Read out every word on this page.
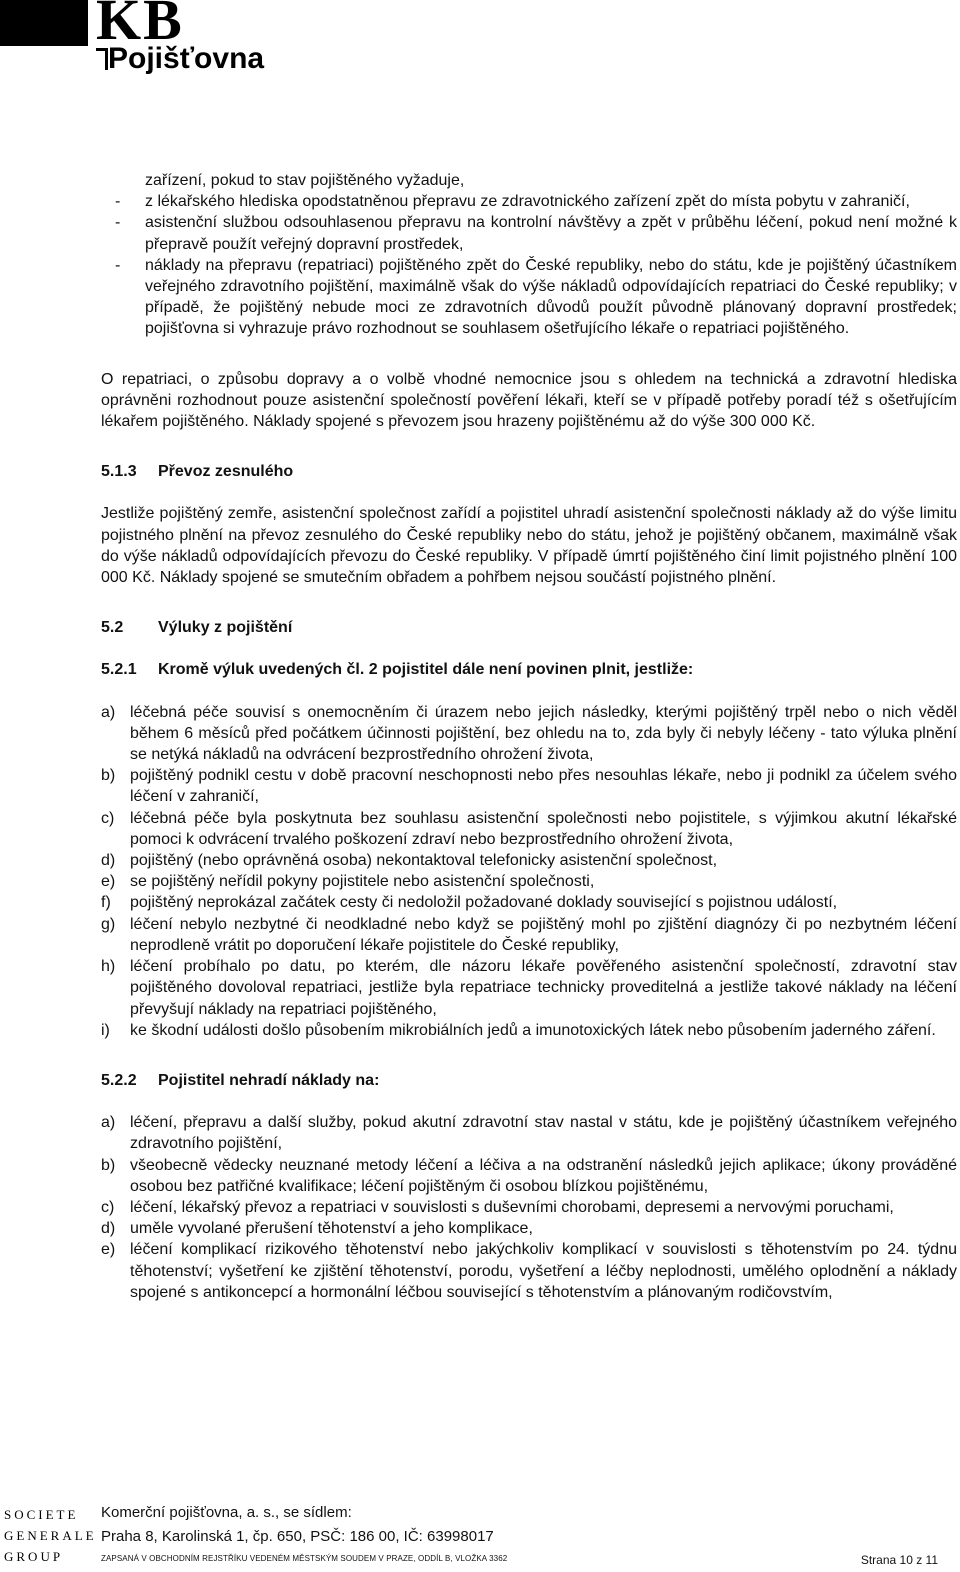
KB
Pojišťovna
zařízení, pokud to stav pojištěného vyžaduje,
- z lékařského hlediska opodstatněnou přepravu ze zdravotnického zařízení zpět do místa pobytu v zahraničí,
- asistenční službou odsouhlasenou přepravu na kontrolní návštěvy a zpět v průběhu léčení, pokud není možné k přepravě použít veřejný dopravní prostředek,
- náklady na přepravu (repatriaci) pojištěného zpět do České republiky, nebo do státu, kde je pojištěný účastníkem veřejného zdravotního pojištění, maximálně však do výše nákladů odpovídajících repatriaci do České republiky; v případě, že pojištěný nebude moci ze zdravotních důvodů použít původně plánovaný dopravní prostředek; pojišťovna si vyhrazuje právo rozhodnout se souhlasem ošetřujícího lékaře o repatriaci pojištěného.

O repatriaci, o způsobu dopravy a o volbě vhodné nemocnice jsou s ohledem na technická a zdravotní hlediska oprávněni rozhodnout pouze asistenční společností pověření lékaři, kteří se v případě potřeby poradí též s ošetřujícím lékařem pojištěného. Náklady spojené s převozem jsou hrazeny pojištěnému až do výše 300 000 Kč.

5.1.3 Převoz zesnulého

Jestliže pojištěný zemře, asistenční společnost zařídí a pojistitel uhradí asistenční společnosti náklady až do výše limitu pojistného plnění na převoz zesnulého do České republiky nebo do státu, jehož je pojištěný občanem, maximálně však do výše nákladů odpovídajících převozu do České republiky. V případě úmrtí pojištěného činí limit pojistného plnění 100 000 Kč. Náklady spojené se smutečním obřadem a pohřbem nejsou součástí pojistného plnění.

5.2 Výluky z pojištění
5.2.1 Kromě výluk uvedených čl. 2 pojistitel dále není povinen plnit, jestliže:
a) léčebná péče souvisí s onemocněním či úrazem nebo jejich následky, kterými pojištěný trpěl nebo o nich věděl během 6 měsíců před počátkem účinnosti pojištění, bez ohledu na to, zda byly či nebyly léčeny - tato výluka plnění se netýká nákladů na odvrácení bezprostředního ohrožení života,
b) pojištěný podnikl cestu v době pracovní neschopnosti nebo přes nesouhlas lékaře, nebo ji podnikl za účelem svého léčení v zahraničí,
c) léčebná péče byla poskytnuta bez souhlasu asistenční společnosti nebo pojistitele, s výjimkou akutní lékařské pomoci k odvrácení trvalého poškození zdraví nebo bezprostředního ohrožení života,
d) pojištěný (nebo oprávněná osoba) nekontaktoval telefonicky asistenční společnost,
e) se pojištěný neřídil pokyny pojistitele nebo asistenční společnosti,
f) pojištěný neprokázal začátek cesty či nedoložil požadované doklady související s pojistnou událostí,
g) léčení nebylo nezbytné či neodkladné nebo když se pojištěný mohl po zjištění diagnózy či po nezbytném léčení neprodleně vrátit po doporučení lékaře pojistitele do České republiky,
h) léčení probíhalo po datu, po kterém, dle názoru lékaře pověřeného asistenční společností, zdravotní stav pojištěného dovoloval repatriaci, jestliže byla repatriace technicky proveditelná a jestliže takové náklady na léčení převyšují náklady na repatriaci pojištěného,
i) ke škodní události došlo působením mikrobiálních jedů a imunotoxických látek nebo působením jaderného záření.
5.2.2 Pojistitel nehradí náklady na:
a) léčení, přepravu a další služby, pokud akutní zdravotní stav nastal v státu, kde je pojištěný účastníkem veřejného zdravotního pojištění,
b) všeobecně vědecky neuznané metody léčení a léčiva a na odstranění následků jejich aplikace; úkony prováděné osobou bez patřičné kvalifikace; léčení pojištěným či osobou blízkou pojištěnému,
c) léčení, lékařský převoz a repatriaci v souvislosti s duševními chorobami, depresemi a nervovými poruchami,
d) uměle vyvolané přerušení těhotenství a jeho komplikace,
e) léčení komplikací rizikového těhotenství nebo jakýchkoliv komplikací v souvislosti s těhotenstvím po 24. týdnu těhotenství; vyšetření ke zjištění těhotenství, porodu, vyšetření a léčby neplodnosti, umělého oplodnění a náklady spojené s antikoncepcí a hormonální léčbou související s těhotenstvím a plánovaným rodičovstvím,
SOCIETE
GENERALE
GROUP
Komerční pojišťovna, a. s., se sídlem:
Praha 8, Karolinská 1, čp. 650, PSČ: 186 00, IČ: 63998017
ZAPSANÁ V OBCHODNÍM REJSTŘÍKU VEDENÉM MĚSTSKÝM SOUDEM V PRAZE, ODDÍL B, VLOŽKA 3362	Strana 10 z 11
